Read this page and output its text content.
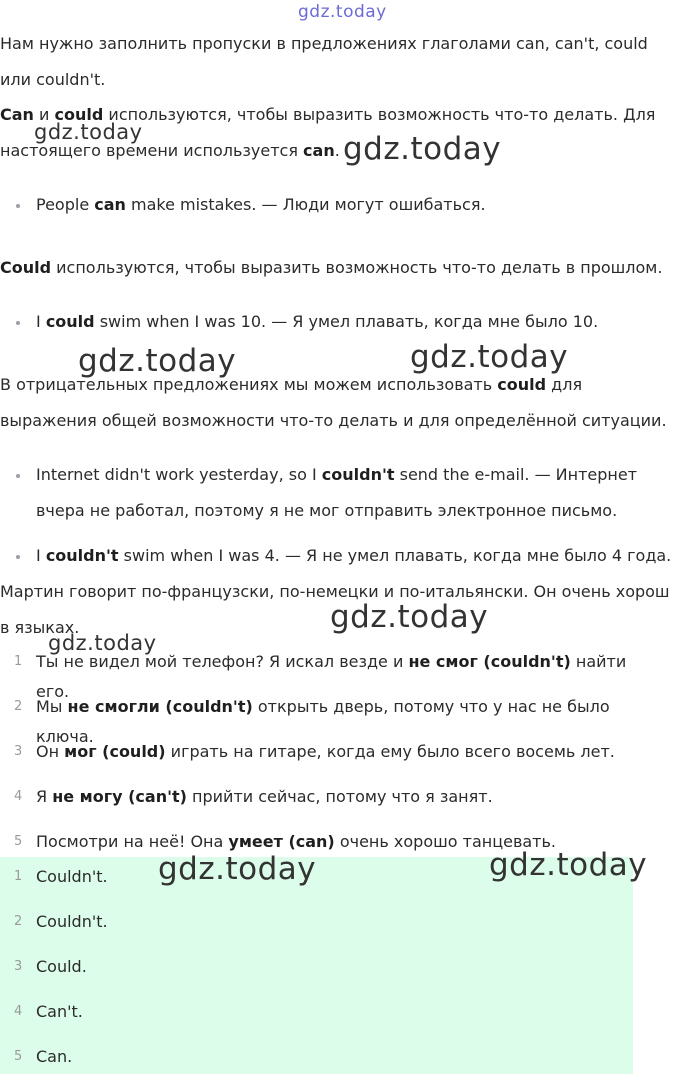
gdz.today

Нам нужно заполнить пропуски в предложениях глаголами can, can't, could или couldn't.

Can и could используются, чтобы выразить возможность что-то делать. Для настоящего времени используется can.

People can make mistakes. — Люди могут ошибаться.

Could используются, чтобы выразить возможность что-то делать в прошлом.

I could swim when I was 10. — Я умел плавать, когда мне было 10.

В отрицательных предложениях мы можем использовать could для выражения общей возможности что-то делать и для определённой ситуации.

Internet didn't work yesterday, so I couldn't send the e-mail. — Интернет вчера не работал, поэтому я не мог отправить электронное письмо.
I couldn't swim when I was 4. — Я не умел плавать, когда мне было 4 года.

Мартин говорит по-французски, по-немецки и по-итальянски. Он очень хорош в языках.

1 Ты не видел мой телефон? Я искал везде и не смог (couldn't) найти его.
2 Мы не смогли (couldn't) открыть дверь, потому что у нас не было ключа.
3 Он мог (could) играть на гитаре, когда ему было всего восемь лет.
4 Я не могу (can't) прийти сейчас, потому что я занят.
5 Посмотри на неё! Она умеет (can) очень хорошо танцевать.
1 Couldn't.
2 Couldn't.
3 Could.
4 Can't.
5 Can.
gdz.today	gdz.today
gdz.today	gdz.today
gdz.today
gdz.today
gdz.today	gdz.today
